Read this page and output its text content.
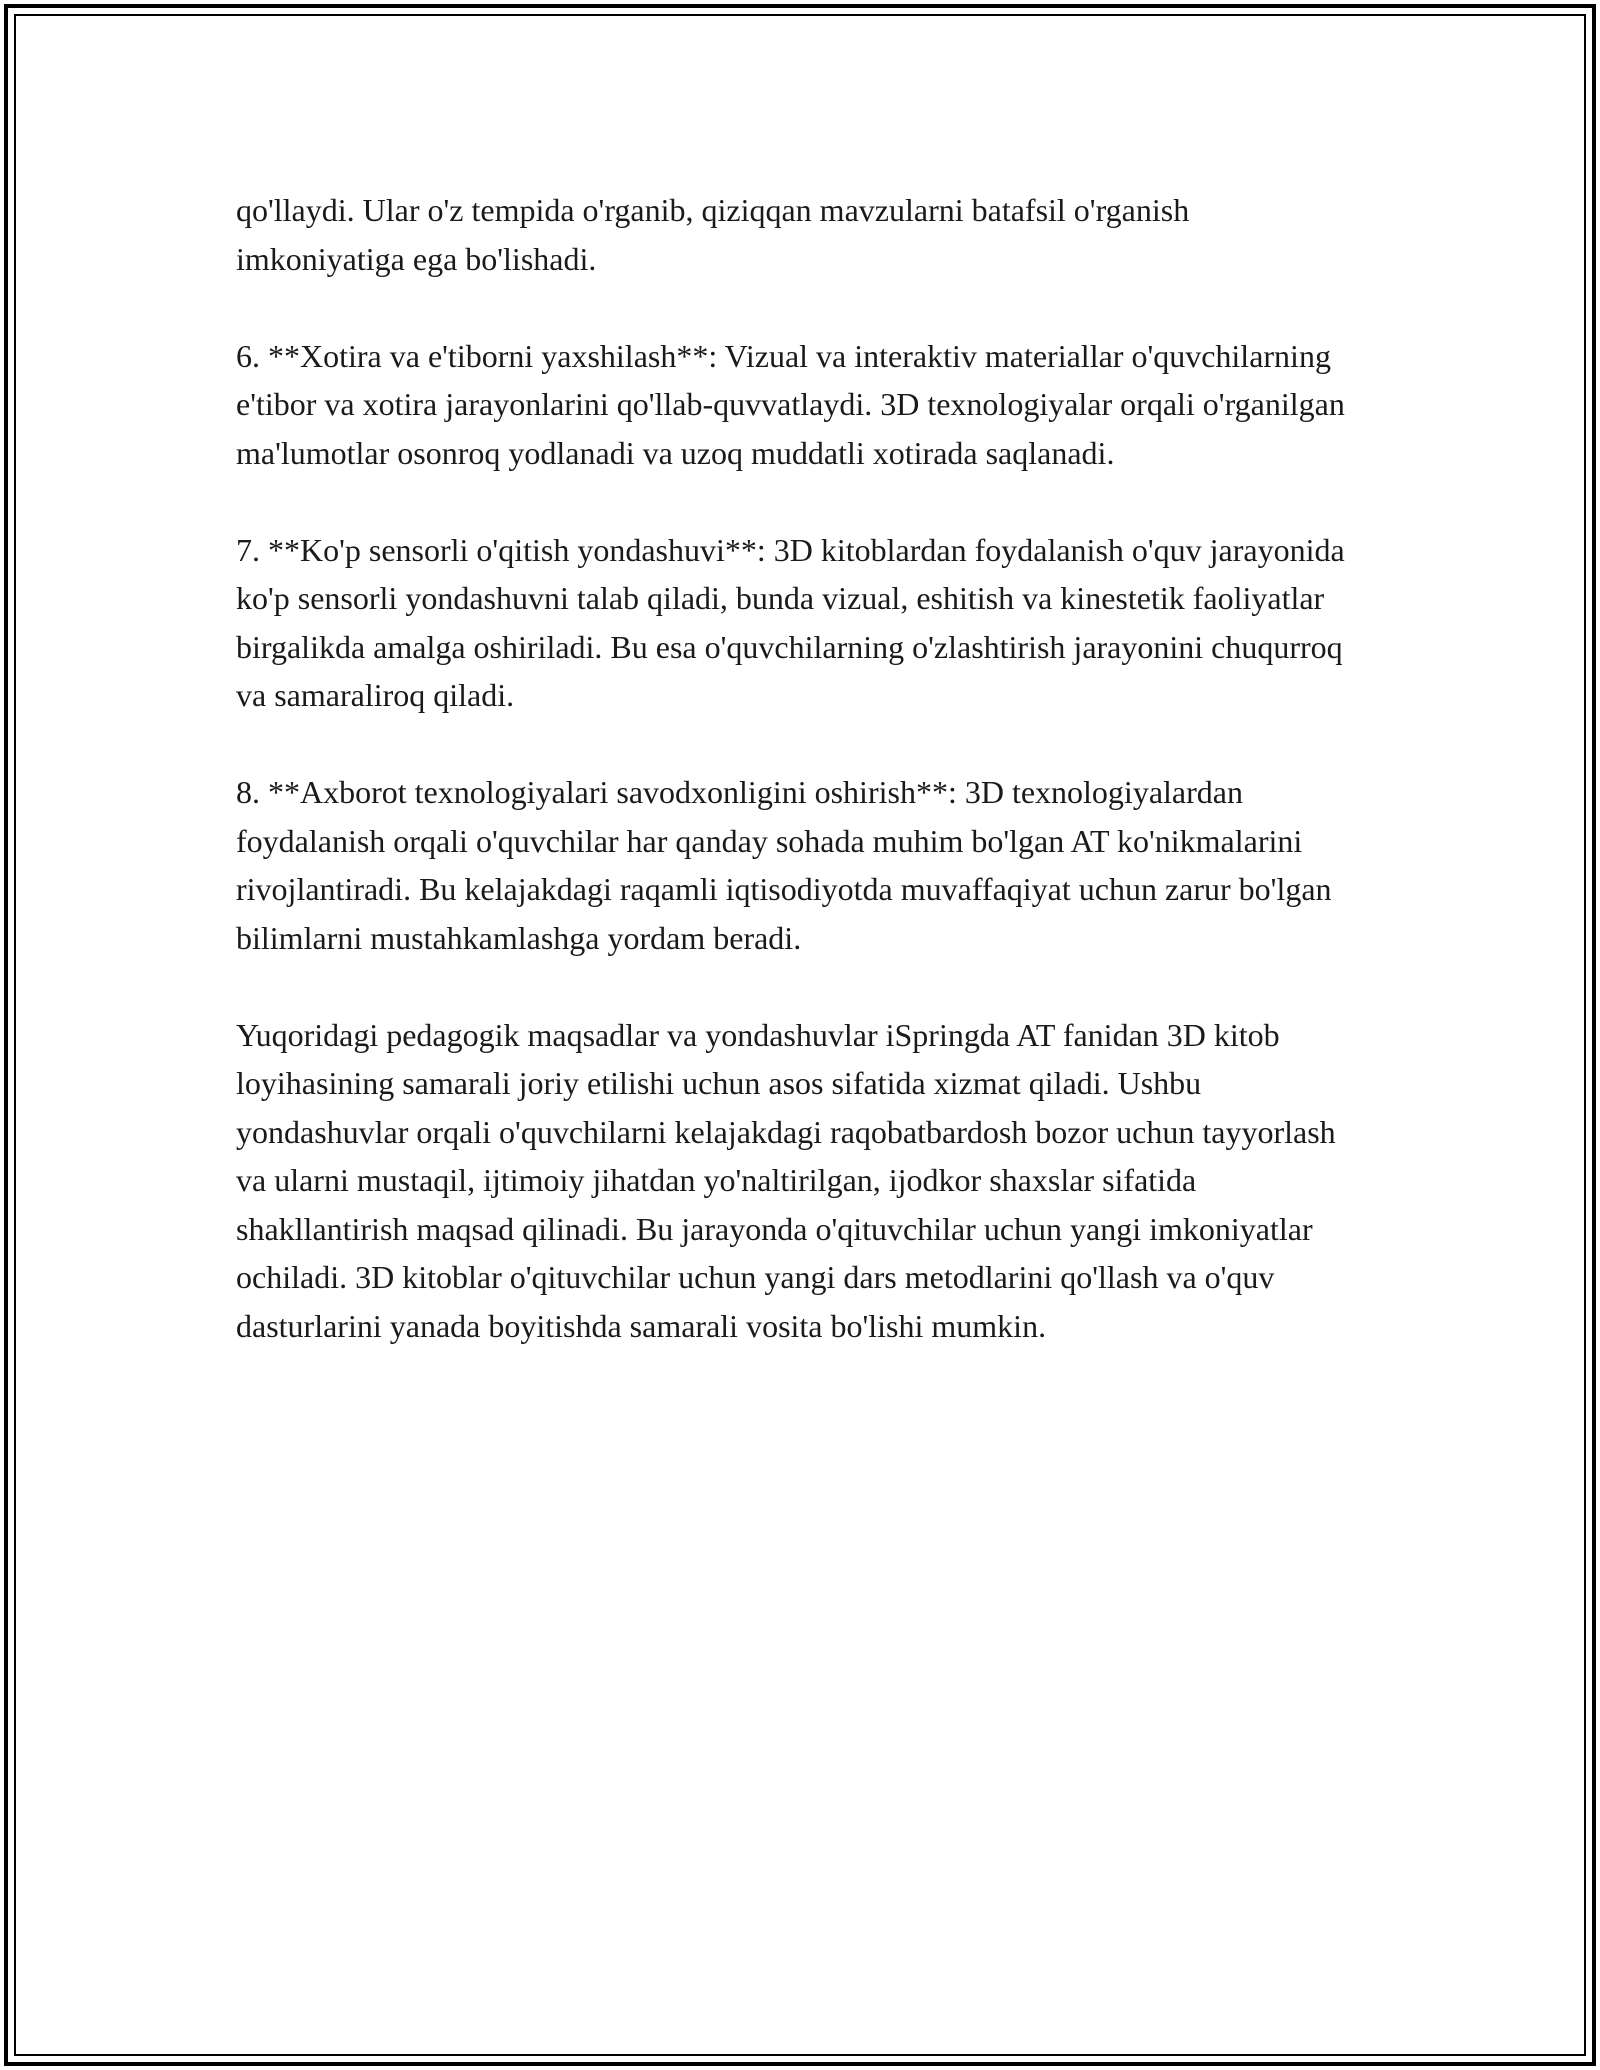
qo'llaydi. Ular o'z tempida o'rganib, qiziqqan mavzularni batafsil o'rganish imkoniyatiga ega bo'lishadi.

6. **Xotira va e'tiborni yaxshilash**: Vizual va interaktiv materiallar o'quvchilarning e'tibor va xotira jarayonlarini qo'llab-quvvatlaydi. 3D texnologiyalar orqali o'rganilgan ma'lumotlar osonroq yodlanadi va uzoq muddatli xotirada saqlanadi.

7. **Ko'p sensorli o'qitish yondashuvi**: 3D kitoblardan foydalanish o'quv jarayonida ko'p sensorli yondashuvni talab qiladi, bunda vizual, eshitish va kinestetik faoliyatlar birgalikda amalga oshiriladi. Bu esa o'quvchilarning o'zlashtirish jarayonini chuqurroq va samaraliroq qiladi.

8. **Axborot texnologiyalari savodxonligini oshirish**: 3D texnologiyalardan foydalanish orqali o'quvchilar har qanday sohada muhim bo'lgan AT ko'nikmalarini rivojlantiradi. Bu kelajakdagi raqamli iqtisodiyotda muvaffaqiyat uchun zarur bo'lgan bilimlarni mustahkamlashga yordam beradi.

Yuqoridagi pedagogik maqsadlar va yondashuvlar iSpringda AT fanidan 3D kitob loyihasining samarali joriy etilishi uchun asos sifatida xizmat qiladi. Ushbu yondashuvlar orqali o'quvchilarni kelajakdagi raqobatbardosh bozor uchun tayyorlash va ularni mustaqil, ijtimoiy jihatdan yo'naltirilgan, ijodkor shaxslar sifatida shakllantirish maqsad qilinadi. Bu jarayonda o'qituvchilar uchun yangi imkoniyatlar ochiladi. 3D kitoblar o'qituvchilar uchun yangi dars metodlarini qo'llash va o'quv dasturlarini yanada boyitishda samarali vosita bo'lishi mumkin.
